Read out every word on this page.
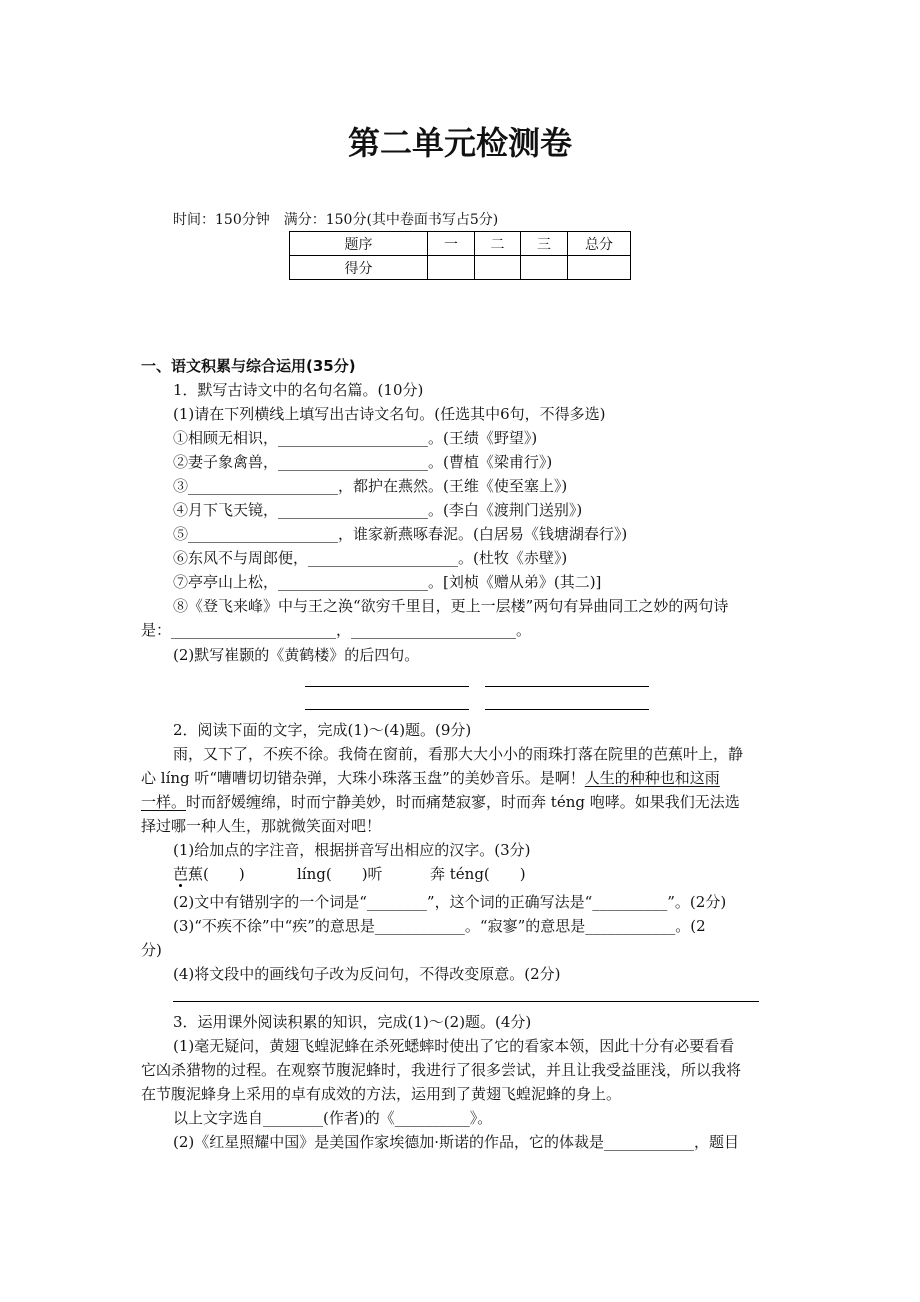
第二单元检测卷
时间：150分钟　满分：150分(其中卷面书写占5分)
题序	一	二	三	总分
得分				
一、语文积累与综合运用(35分)
1．默写古诗文中的名句名篇。(10分)
(1)请在下列横线上填写出古诗文名句。(任选其中6句，不得多选)
①相顾无相识，____________________。(王绩《野望》)
②妻子象禽兽，____________________。(曹植《梁甫行》)
③____________________，都护在燕然。(王维《使至塞上》)
④月下飞天镜，____________________。(李白《渡荆门送别》)
⑤____________________，谁家新燕啄春泥。(白居易《钱塘湖春行》)
⑥东风不与周郎便，____________________。(杜牧《赤壁》)
⑦亭亭山上松，____________________。[刘桢《赠从弟》(其二)]
⑧《登飞来峰》中与王之涣“欲穷千里目，更上一层楼”两句有异曲同工之妙的两句诗
是：______________________，______________________。
(2)默写崔颢的《黄鹤楼》的后四句。
2．阅读下面的文字，完成(1)～(4)题。(9分)
雨，又下了，不疾不徐。我倚在窗前，看那大大小小的雨珠打落在院里的芭蕉叶上，静
心 líng 听“嘈嘈切切错杂弹，大珠小珠落玉盘”的美妙音乐。是啊！人生的种种也和这雨
一样。时而舒媛缠绵，时而宁静美妙，时而痛楚寂寥，时而奔 téng 咆哮。如果我们无法选
择过哪一种人生，那就微笑面对吧！
(1)给加点的字注音，根据拼音写出相应的汉字。(3分)
芭蕉(　　)	líng(　　)听	奔 téng(　　)
(2)文中有错别字的一个词是“________”，这个词的正确写法是“__________”。(2分)
(3)“不疾不徐”中“疾”的意思是____________。“寂寥”的意思是____________。(2
分)
(4)将文段中的画线句子改为反问句，不得改变原意。(2分)
3．运用课外阅读积累的知识，完成(1)～(2)题。(4分)
(1)毫无疑问，黄翅飞蝗泥蜂在杀死蟋蟀时使出了它的看家本领，因此十分有必要看看
它凶杀猎物的过程。在观察节腹泥蜂时，我进行了很多尝试，并且让我受益匪浅，所以我将
在节腹泥蜂身上采用的卓有成效的方法，运用到了黄翅飞蝗泥蜂的身上。
以上文字选自________(作者)的《__________》。
(2)《红星照耀中国》是美国作家埃德加·斯诺的作品，它的体裁是____________，题目
